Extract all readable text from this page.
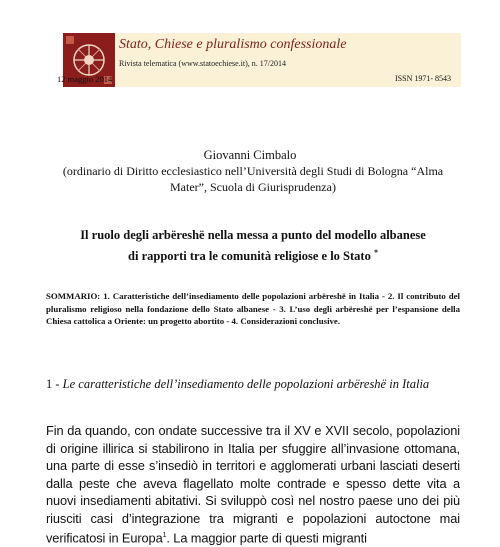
Stato, Chiese e pluralismo confessionale
Rivista telematica (www.statoechiese.it), n. 17/2014
12 maggio 2014	ISSN 1971- 8543
Giovanni Cimbalo
(ordinario di Diritto ecclesiastico nell’Università degli Studi di Bologna “Alma Mater”, Scuola di Giurisprudenza)
Il ruolo degli arbëreshë nella messa a punto del modello albanese
di rapporti tra le comunità religiose e lo Stato *
SOMMARIO: 1. Caratteristiche dell’insediamento delle popolazioni arbëreshë in Italia - 2. Il contributo del pluralismo religioso nella fondazione dello Stato albanese - 3. L’uso degli arbëreshë per l’espansione della Chiesa cattolica a Oriente: un progetto abortito - 4. Considerazioni conclusive.
1 - Le caratteristiche dell’insediamento delle popolazioni arbëreshë in Italia
Fin da quando, con ondate successive tra il XV e XVII secolo, popolazioni di origine illirica si stabilirono in Italia per sfuggire all’invasione ottomana, una parte di esse s’insediò in territori e agglomerati urbani lasciati deserti dalla peste che aveva flagellato molte contrade e spesso dette vita a nuovi insediamenti abitativi. Si sviluppò così nel nostro paese uno dei più riusciti casi d’integrazione tra migranti e popolazioni autoctone mai verificatosi in Europa$^1$. La maggior parte di questi migranti
